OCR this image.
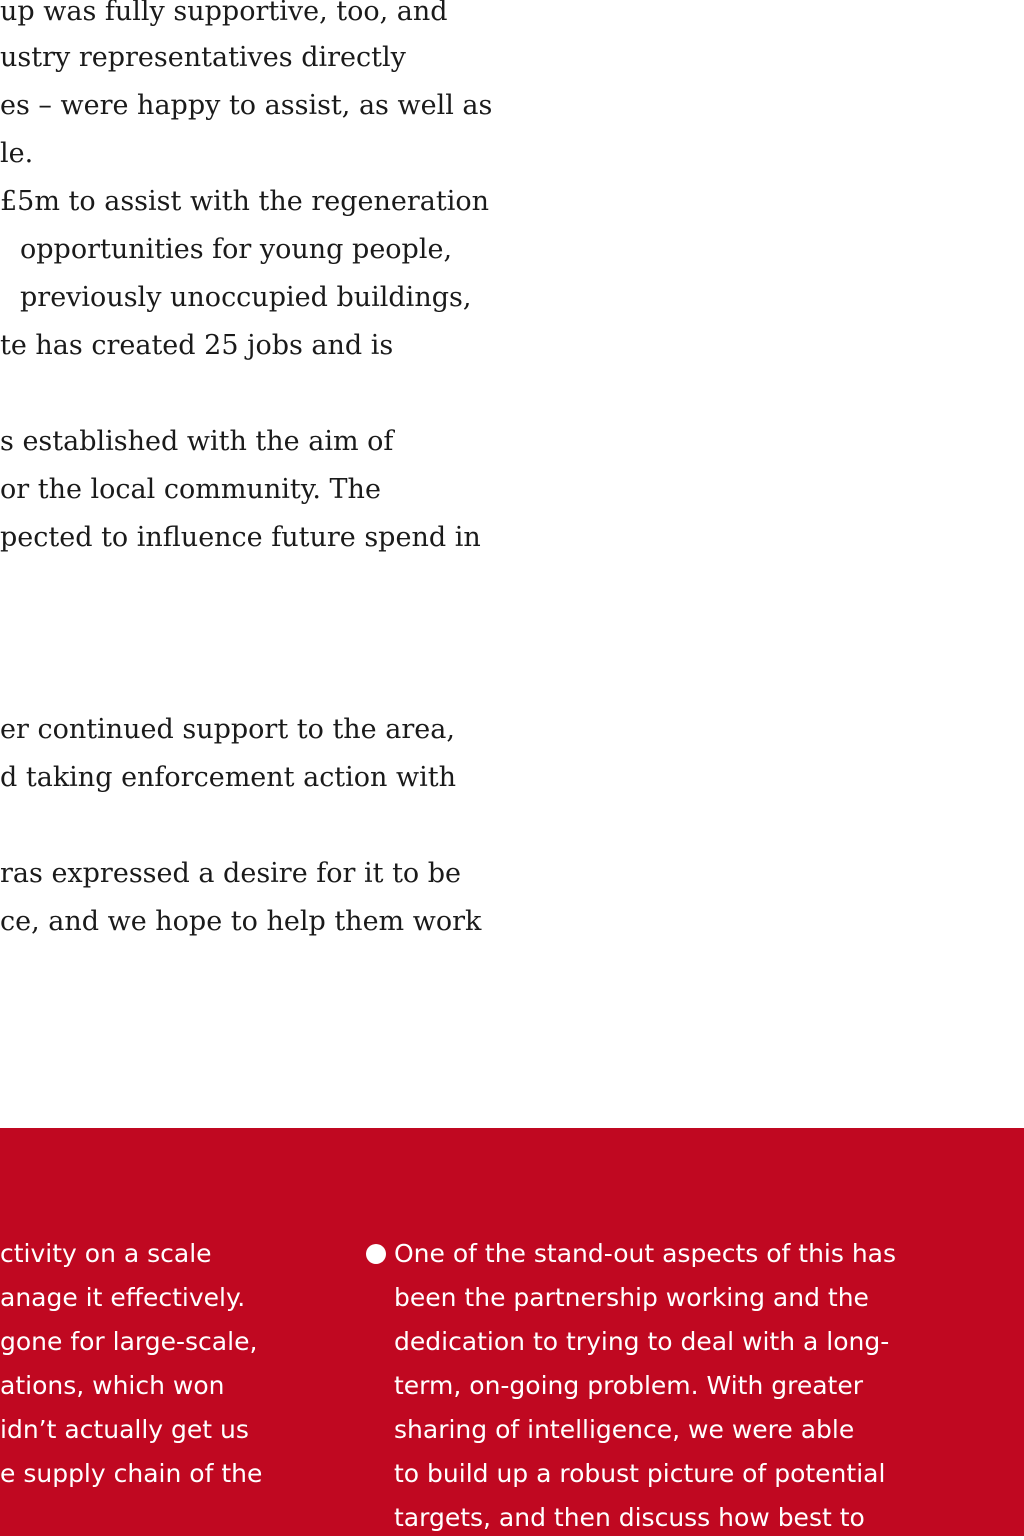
up was fully supportive, too, and
ustry representatives directly
es – were happy to assist, as well as
le.
£5m to assist with the regeneration
opportunities for young people,
previously unoccupied buildings,
te has created 25 jobs and is
s established with the aim of
or the local community. The
pected to influence future spend in
er continued support to the area,
d taking enforcement action with
ras expressed a desire for it to be
ce, and we hope to help them work
ctivity on a scale
anage it effectively.
gone for large-scale,
ations, which won
idn’t actually get us
e supply chain of the
One of the stand-out aspects of this has
been the partnership working and the
dedication to trying to deal with a long-
term, on-going problem. With greater
sharing of intelligence, we were able
to build up a robust picture of potential
targets, and then discuss how best to
